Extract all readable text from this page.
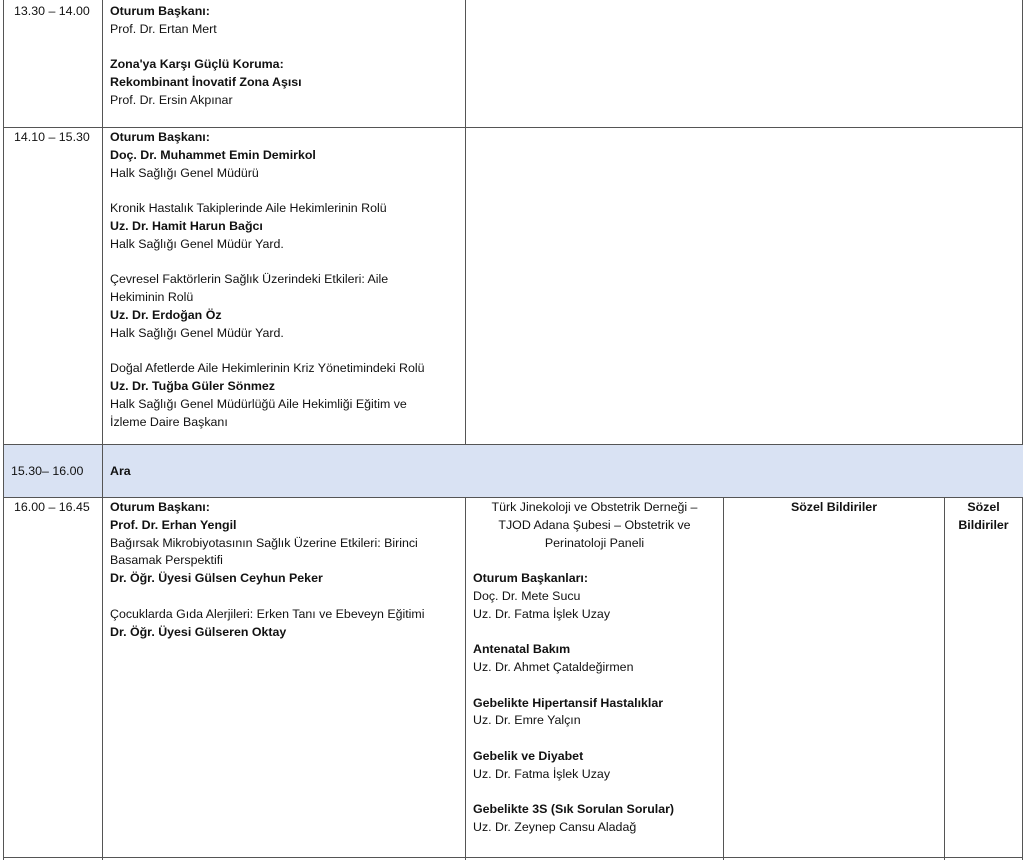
13.30 – 14.00 Oturum Başkanı:
Prof. Dr. Ertan Mert
Zona'ya Karşı Güçlü Koruma:
Rekombinant İnovatif Zona Aşısı
Prof. Dr. Ersin Akpınar
14.10 – 15.30 Oturum Başkanı:
Doç. Dr. Muhammet Emin Demirkol
Halk Sağlığı Genel Müdürü
Kronik Hastalık Takiplerinde Aile Hekimlerinin Rolü
Uz. Dr. Hamit Harun Bağcı
Halk Sağlığı Genel Müdür Yard.
Çevresel Faktörlerin Sağlık Üzerindeki Etkileri: Aile
Hekiminin Rolü
Uz. Dr. Erdoğan Öz
Halk Sağlığı Genel Müdür Yard.
Doğal Afetlerde Aile Hekimlerinin Kriz Yönetimindeki Rolü
Uz. Dr. Tuğba Güler Sönmez
Halk Sağlığı Genel Müdürlüğü Aile Hekimliği Eğitim ve
İzleme Daire Başkanı
15.30– 16.00 Ara
16.00 – 16.45 Oturum Başkanı:
Prof. Dr. Erhan Yengil
Bağırsak Mikrobiyotasının Sağlık Üzerine Etkileri: Birinci
Basamak Perspektifi
Dr. Öğr. Üyesi Gülsen Ceyhun Peker
Çocuklarda Gıda Alerjileri: Erken Tanı ve Ebeveyn Eğitimi
Dr. Öğr. Üyesi Gülseren Oktay
Türk Jinekoloji ve Obstetrik Derneği –
TJOD Adana Şubesi – Obstetrik ve
Perinatoloji Paneli
Oturum Başkanları:
Doç. Dr. Mete Sucu
Uz. Dr. Fatma İşlek Uzay
Antenatal Bakım
Uz. Dr. Ahmet Çataldeğirmen
Gebelikte Hipertansif Hastalıklar
Uz. Dr. Emre Yalçın
Gebelik ve Diyabet
Uz. Dr. Fatma İşlek Uzay
Gebelikte 3S (Sık Sorulan Sorular)
Uz. Dr. Zeynep Cansu Aladağ
Sözel Bildiriler	Sözel
Bildiriler
